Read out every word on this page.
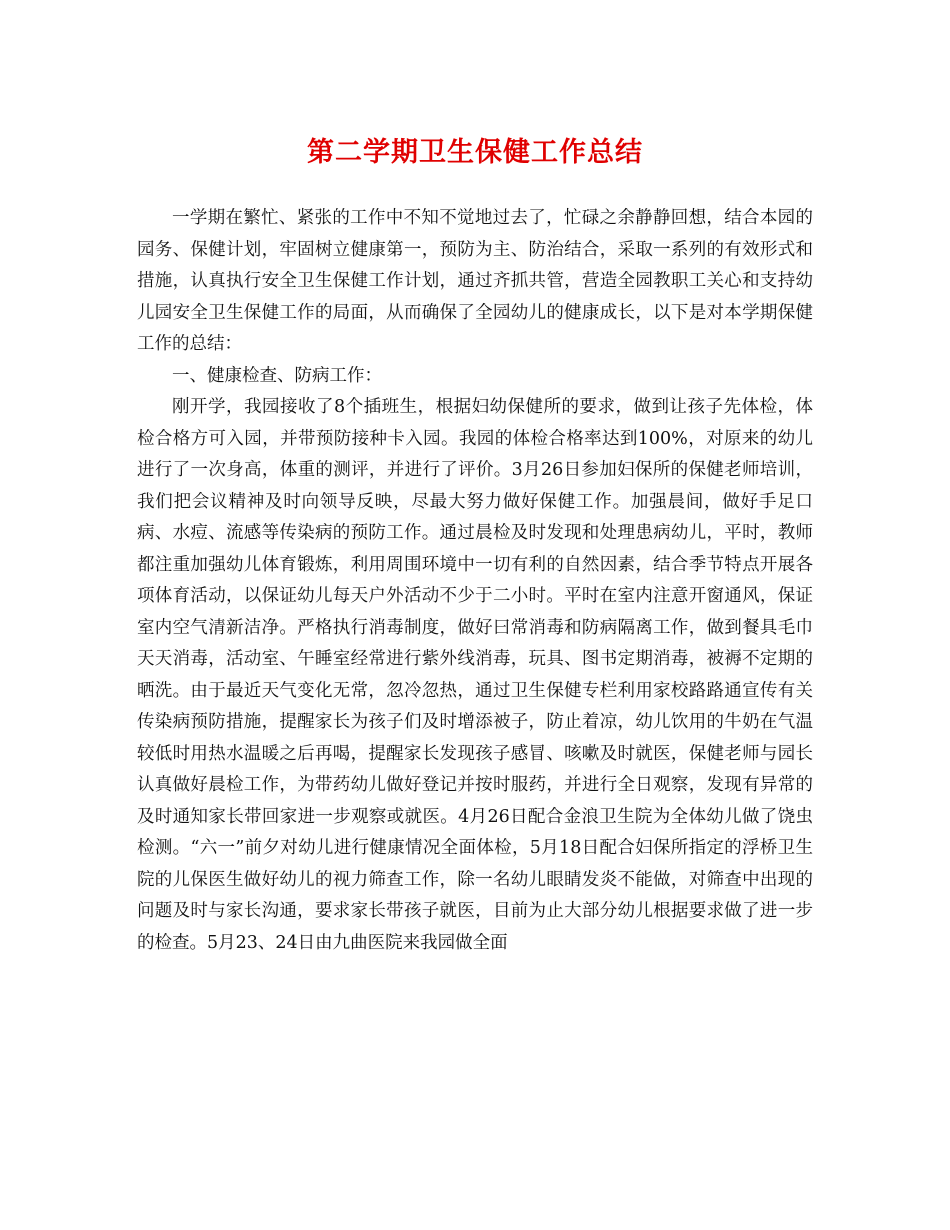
第二学期卫生保健工作总结

一学期在繁忙、紧张的工作中不知不觉地过去了，忙碌之余静静回想，结合本园的园务、保健计划，牢固树立健康第一，预防为主、防治结合，采取一系列的有效形式和措施，认真执行安全卫生保健工作计划，通过齐抓共管，营造全园教职工关心和支持幼儿园安全卫生保健工作的局面，从而确保了全园幼儿的健康成长，以下是对本学期保健工作的总结：

一、健康检查、防病工作：

刚开学，我园接收了8个插班生，根据妇幼保健所的要求，做到让孩子先体检，体检合格方可入园，并带预防接种卡入园。我园的体检合格率达到100%，对原来的幼儿进行了一次身高，体重的测评，并进行了评价。3月26日参加妇保所的保健老师培训，我们把会议精神及时向领导反映，尽最大努力做好保健工作。加强晨间，做好手足口病、水痘、流感等传染病的预防工作。通过晨检及时发现和处理患病幼儿，平时，教师都注重加强幼儿体育锻炼，利用周围环境中一切有利的自然因素，结合季节特点开展各项体育活动，以保证幼儿每天户外活动不少于二小时。平时在室内注意开窗通风，保证室内空气清新洁净。严格执行消毒制度，做好曰常消毒和防病隔离工作，做到餐具毛巾天天消毒，活动室、午睡室经常进行紫外线消毒，玩具、图书定期消毒，被褥不定期的晒洗。由于最近天气变化无常，忽冷忽热，通过卫生保健专栏利用家校路路通宣传有关传染病预防措施，提醒家长为孩子们及时增添被子，防止着凉，幼儿饮用的牛奶在气温较低时用热水温暖之后再喝，提醒家长发现孩子感冒、咳嗽及时就医，保健老师与园长认真做好晨检工作，为带药幼儿做好登记并按时服药，并进行全日观察，发现有异常的及时通知家长带回家进一步观察或就医。4月26日配合金浪卫生院为全体幼儿做了饶虫检测。“六一”前夕对幼儿进行健康情况全面体检，5月18日配合妇保所指定的浮桥卫生院的儿保医生做好幼儿的视力筛查工作，除一名幼儿眼睛发炎不能做，对筛查中出现的问题及时与家长沟通，要求家长带孩子就医，目前为止大部分幼儿根据要求做了进一步的检查。5月23、24日由九曲医院来我园做全面
